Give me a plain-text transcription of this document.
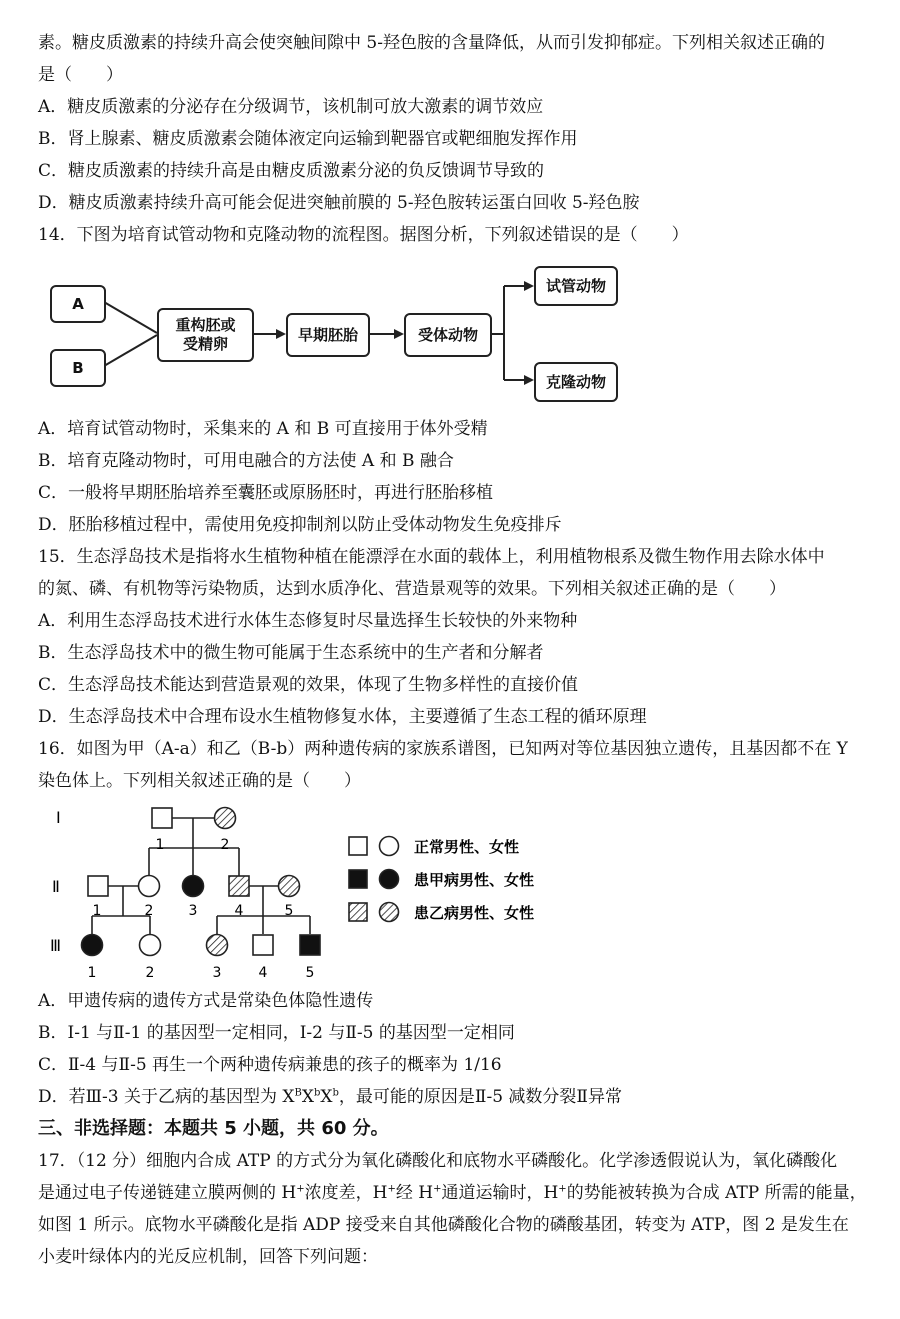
素。糖皮质激素的持续升高会使突触间隙中 5-羟色胺的含量降低，从而引发抑郁症。下列相关叙述正确的
是（　　）
A．糖皮质激素的分泌存在分级调节，该机制可放大激素的调节效应
B．肾上腺素、糖皮质激素会随体液定向运输到靶器官或靶细胞发挥作用
C．糖皮质激素的持续升高是由糖皮质激素分泌的负反馈调节导致的
D．糖皮质激素持续升高可能会促进突触前膜的 5-羟色胺转运蛋白回收 5-羟色胺
14．下图为培育试管动物和克隆动物的流程图。据图分析，下列叙述错误的是（　　）
A
B
重构胚或
受精卵
早期胚胎	受体动物
试管动物
克隆动物
A．培育试管动物时，采集来的 A 和 B 可直接用于体外受精
B．培育克隆动物时，可用电融合的方法使 A 和 B 融合
C．一般将早期胚胎培养至囊胚或原肠胚时，再进行胚胎移植
D．胚胎移植过程中，需使用免疫抑制剂以防止受体动物发生免疫排斥
15．生态浮岛技术是指将水生植物种植在能漂浮在水面的载体上，利用植物根系及微生物作用去除水体中
的氮、磷、有机物等污染物质，达到水质净化、营造景观等的效果。下列相关叙述正确的是（　　）
A．利用生态浮岛技术进行水体生态修复时尽量选择生长较快的外来物种
B．生态浮岛技术中的微生物可能属于生态系统中的生产者和分解者
C．生态浮岛技术能达到营造景观的效果，体现了生物多样性的直接价值
D．生态浮岛技术中合理布设水生植物修复水体，主要遵循了生态工程的循环原理
16．如图为甲（A-a）和乙（B-b）两种遗传病的家族系谱图，已知两对等位基因独立遗传，且基因都不在 Y
染色体上。下列相关叙述正确的是（　　）
Ⅰ
Ⅱ
Ⅲ
1	2
1	2	3	4	5
1	2	3	4	5
正常男性、女性
患甲病男性、女性
患乙病男性、女性
A．甲遗传病的遗传方式是常染色体隐性遗传
B．Ⅰ-1 与Ⅱ-1 的基因型一定相同，Ⅰ-2 与Ⅱ-5 的基因型一定相同
C．Ⅱ-4 与Ⅱ-5 再生一个两种遗传病兼患的孩子的概率为 1/16
D．若Ⅲ-3 关于乙病的基因型为 $X^BX^bX^b$，最可能的原因是Ⅱ-5 减数分裂Ⅱ异常
三、非选择题：本题共 5 小题，共 60 分。
17．（12 分）细胞内合成 ATP 的方式分为氧化磷酸化和底物水平磷酸化。化学渗透假说认为，氧化磷酸化
是通过电子传递链建立膜两侧的 H+浓度差，H+经 H+通道运输时，H+的势能被转换为合成 ATP 所需的能量，
如图 1 所示。底物水平磷酸化是指 ADP 接受来自其他磷酸化合物的磷酸基团，转变为 ATP，图 2 是发生在
小麦叶绿体内的光反应机制，回答下列问题：
